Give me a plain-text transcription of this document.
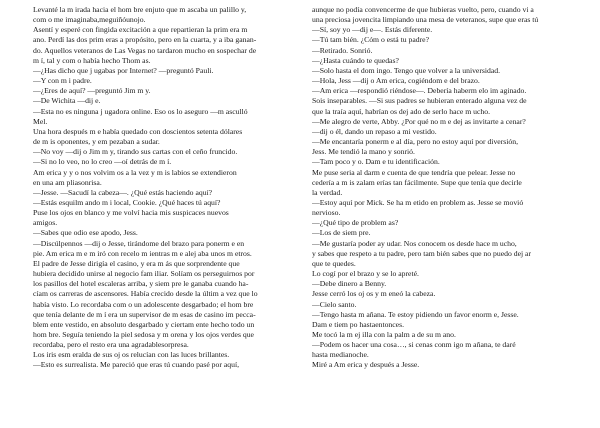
Levanté la m irada hacia el hom bre enjuto que m ascaba un palillo y,

com o me imaginaba,meguiñóunojo.

Asentí y esperé con fingida excitación a que repartieran la prim era m

ano. Perdí las dos prim eras a propósito, pero en la cuarta, y a iba ganan-

do. Aquellos veteranos de Las Vegas no tardaron mucho en sospechar de

m í, tal y com o había hecho Thom as.

—¿Has dicho que j ugabas por Internet? —preguntó Pauli.

—Y con m i padre.

—¿Eres de aquí? —preguntó Jim m y.

—De Wichita —dij e.

—Esta no es ninguna j ugadora online. Eso os lo aseguro —m asculló

Mel.

Una hora después m e había quedado con doscientos setenta dólares

de m is oponentes, y em pezaban a sudar.

—No voy —dij o Jim m y, tirando sus cartas con el ceño fruncido.

—Si no lo veo, no lo creo —oí detrás de m í.

Am erica y y o nos volvim os a la vez y m is labios se extendieron

en una am pliasonrisa.

—Jesse. —Sacudí la cabeza—. ¿Qué estás haciendo aquí?

—Estás esquilm ando m i local, Cookie. ¿Qué haces tú aquí?

Puse los ojos en blanco y me volví hacia mis suspicaces nuevos

amigos.

—Sabes que odio ese apodo, Jess.

—Discúlpennos —dij o Jesse, tirándome del brazo para ponerm e en

pie. Am erica m e m iró con recelo m ientras m e alej aba unos m etros.

El padre de Jesse dirigía el casino, y era m ás que sorprendente que

hubiera decidido unirse al negocio fam iliar. Solíam os perseguirnos por

los pasillos del hotel escaleras arriba, y siem pre le ganaba cuando ha-

cíam os carreras de ascensores. Había crecido desde la últim a vez que lo

había visto. Lo recordaba com o un adolescente desgarbado; el hom bre

que tenía delante de m í era un supervisor de m esas de casino im pecca-

blem ente vestido, en absoluto desgarbado y ciertam ente hecho todo un

hom bre. Seguía teniendo la piel sedosa y m orena y los ojos verdes que

recordaba, pero el resto era una agradablesorpresa.

Los iris esm eralda de sus oj os relucían con las luces brillantes.

—Esto es surrealista. Me pareció que eras tú cuando pasé por aquí,

aunque no podía convencerme de que hubieras vuelto, pero, cuando vi a

una preciosa jovencita limpiando una mesa de veteranos, supe que eras tú

—Sí, soy yo —dij e—. Estás diferente.

—Tú tam bién. ¿Cóm o está tu padre?

—Retirado. Sonrió.

—¿Hasta cuándo te quedas?

—Solo hasta el dom ingo. Tengo que volver a la universidad.

—Hola, Jess —dij o Am erica, cogiéndom e del brazo.

—Am erica —respondió riéndose—. Debería haberm elo im aginado.

Sois inseparables. —Si sus padres se hubieran enterado alguna vez de

que la traía aquí, habrían os dej ado de serlo hace m ucho.

—Me alegro de verte, Abby. ¿Por qué no m e dej as invitarte a cenar?

—dij o él, dando un repaso a mi vestido.

—Me encantaría ponerm e al día, pero no estoy aquí por diversión,

Jess. Me tendió la mano y sonrió.

—Tam poco y o. Dam e tu identificación.

Me puse seria al darm e cuenta de que tendría que pelear. Jesse no

cedería a m is zalam erías tan fácilmente. Supe que tenía que decirle

la verdad.

—Estoy aquí por Mick. Se ha m etido en problem as. Jesse se movió

nervioso.

—¿Qué tipo de problem as?

—Los de siem pre.

—Me gustaría poder ay udar. Nos conocem os desde hace m ucho,

y sabes que respeto a tu padre, pero tam bién sabes que no puedo dej ar

que te quedes.

Lo cogí por el brazo y se lo apreté.

—Debe dinero a Benny.

Jesse cerró los oj os y m eneó la cabeza.

—Cielo santo.

—Tengo hasta m añana. Te estoy pidiendo un favor enorm e, Jesse.

Dam e tiem po hastaentonces.

Me tocó la m ej illa con la palm a de su m ano.

—Podem os hacer una cosa…, si cenas conm igo m añana, te daré

hasta medianoche.

Miré a Am erica y después a Jesse.
